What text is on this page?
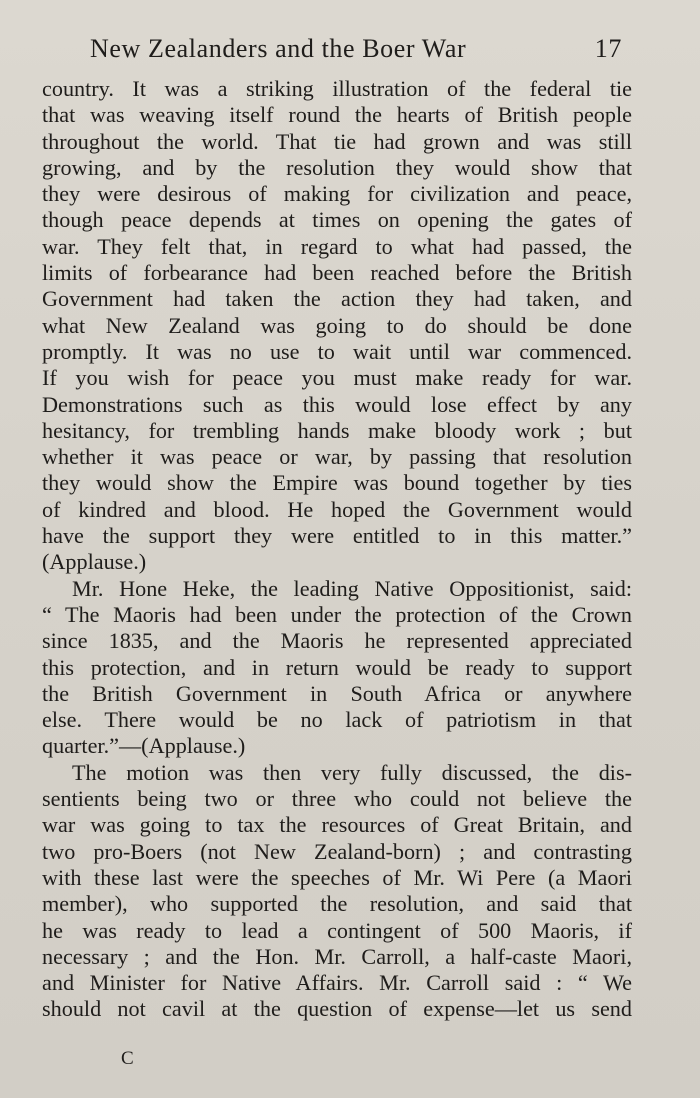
New Zealanders and the Boer War	17
country. It was a striking illustration of the federal tie
that was weaving itself round the hearts of British people
throughout the world. That tie had grown and was still
growing, and by the resolution they would show that
they were desirous of making for civilization and peace,
though peace depends at times on opening the gates of
war. They felt that, in regard to what had passed, the
limits of forbearance had been reached before the British
Government had taken the action they had taken, and
what New Zealand was going to do should be done
promptly. It was no use to wait until war commenced.
If you wish for peace you must make ready for war.
Demonstrations such as this would lose effect by any
hesitancy, for trembling hands make bloody work ; but
whether it was peace or war, by passing that resolution
they would show the Empire was bound together by ties
of kindred and blood. He hoped the Government would
have the support they were entitled to in this matter.”
(Applause.)
Mr. Hone Heke, the leading Native Oppositionist, said:
“ The Maoris had been under the protection of the Crown
since 1835, and the Maoris he represented appreciated
this protection, and in return would be ready to support
the British Government in South Africa or anywhere
else. There would be no lack of patriotism in that
quarter.”—(Applause.)
The motion was then very fully discussed, the dis-
sentients being two or three who could not believe the
war was going to tax the resources of Great Britain, and
two pro-Boers (not New Zealand-born) ; and contrasting
with these last were the speeches of Mr. Wi Pere (a Maori
member), who supported the resolution, and said that
he was ready to lead a contingent of 500 Maoris, if
necessary ; and the Hon. Mr. Carroll, a half-caste Maori,
and Minister for Native Affairs. Mr. Carroll said : “ We
should not cavil at the question of expense—let us send
C
